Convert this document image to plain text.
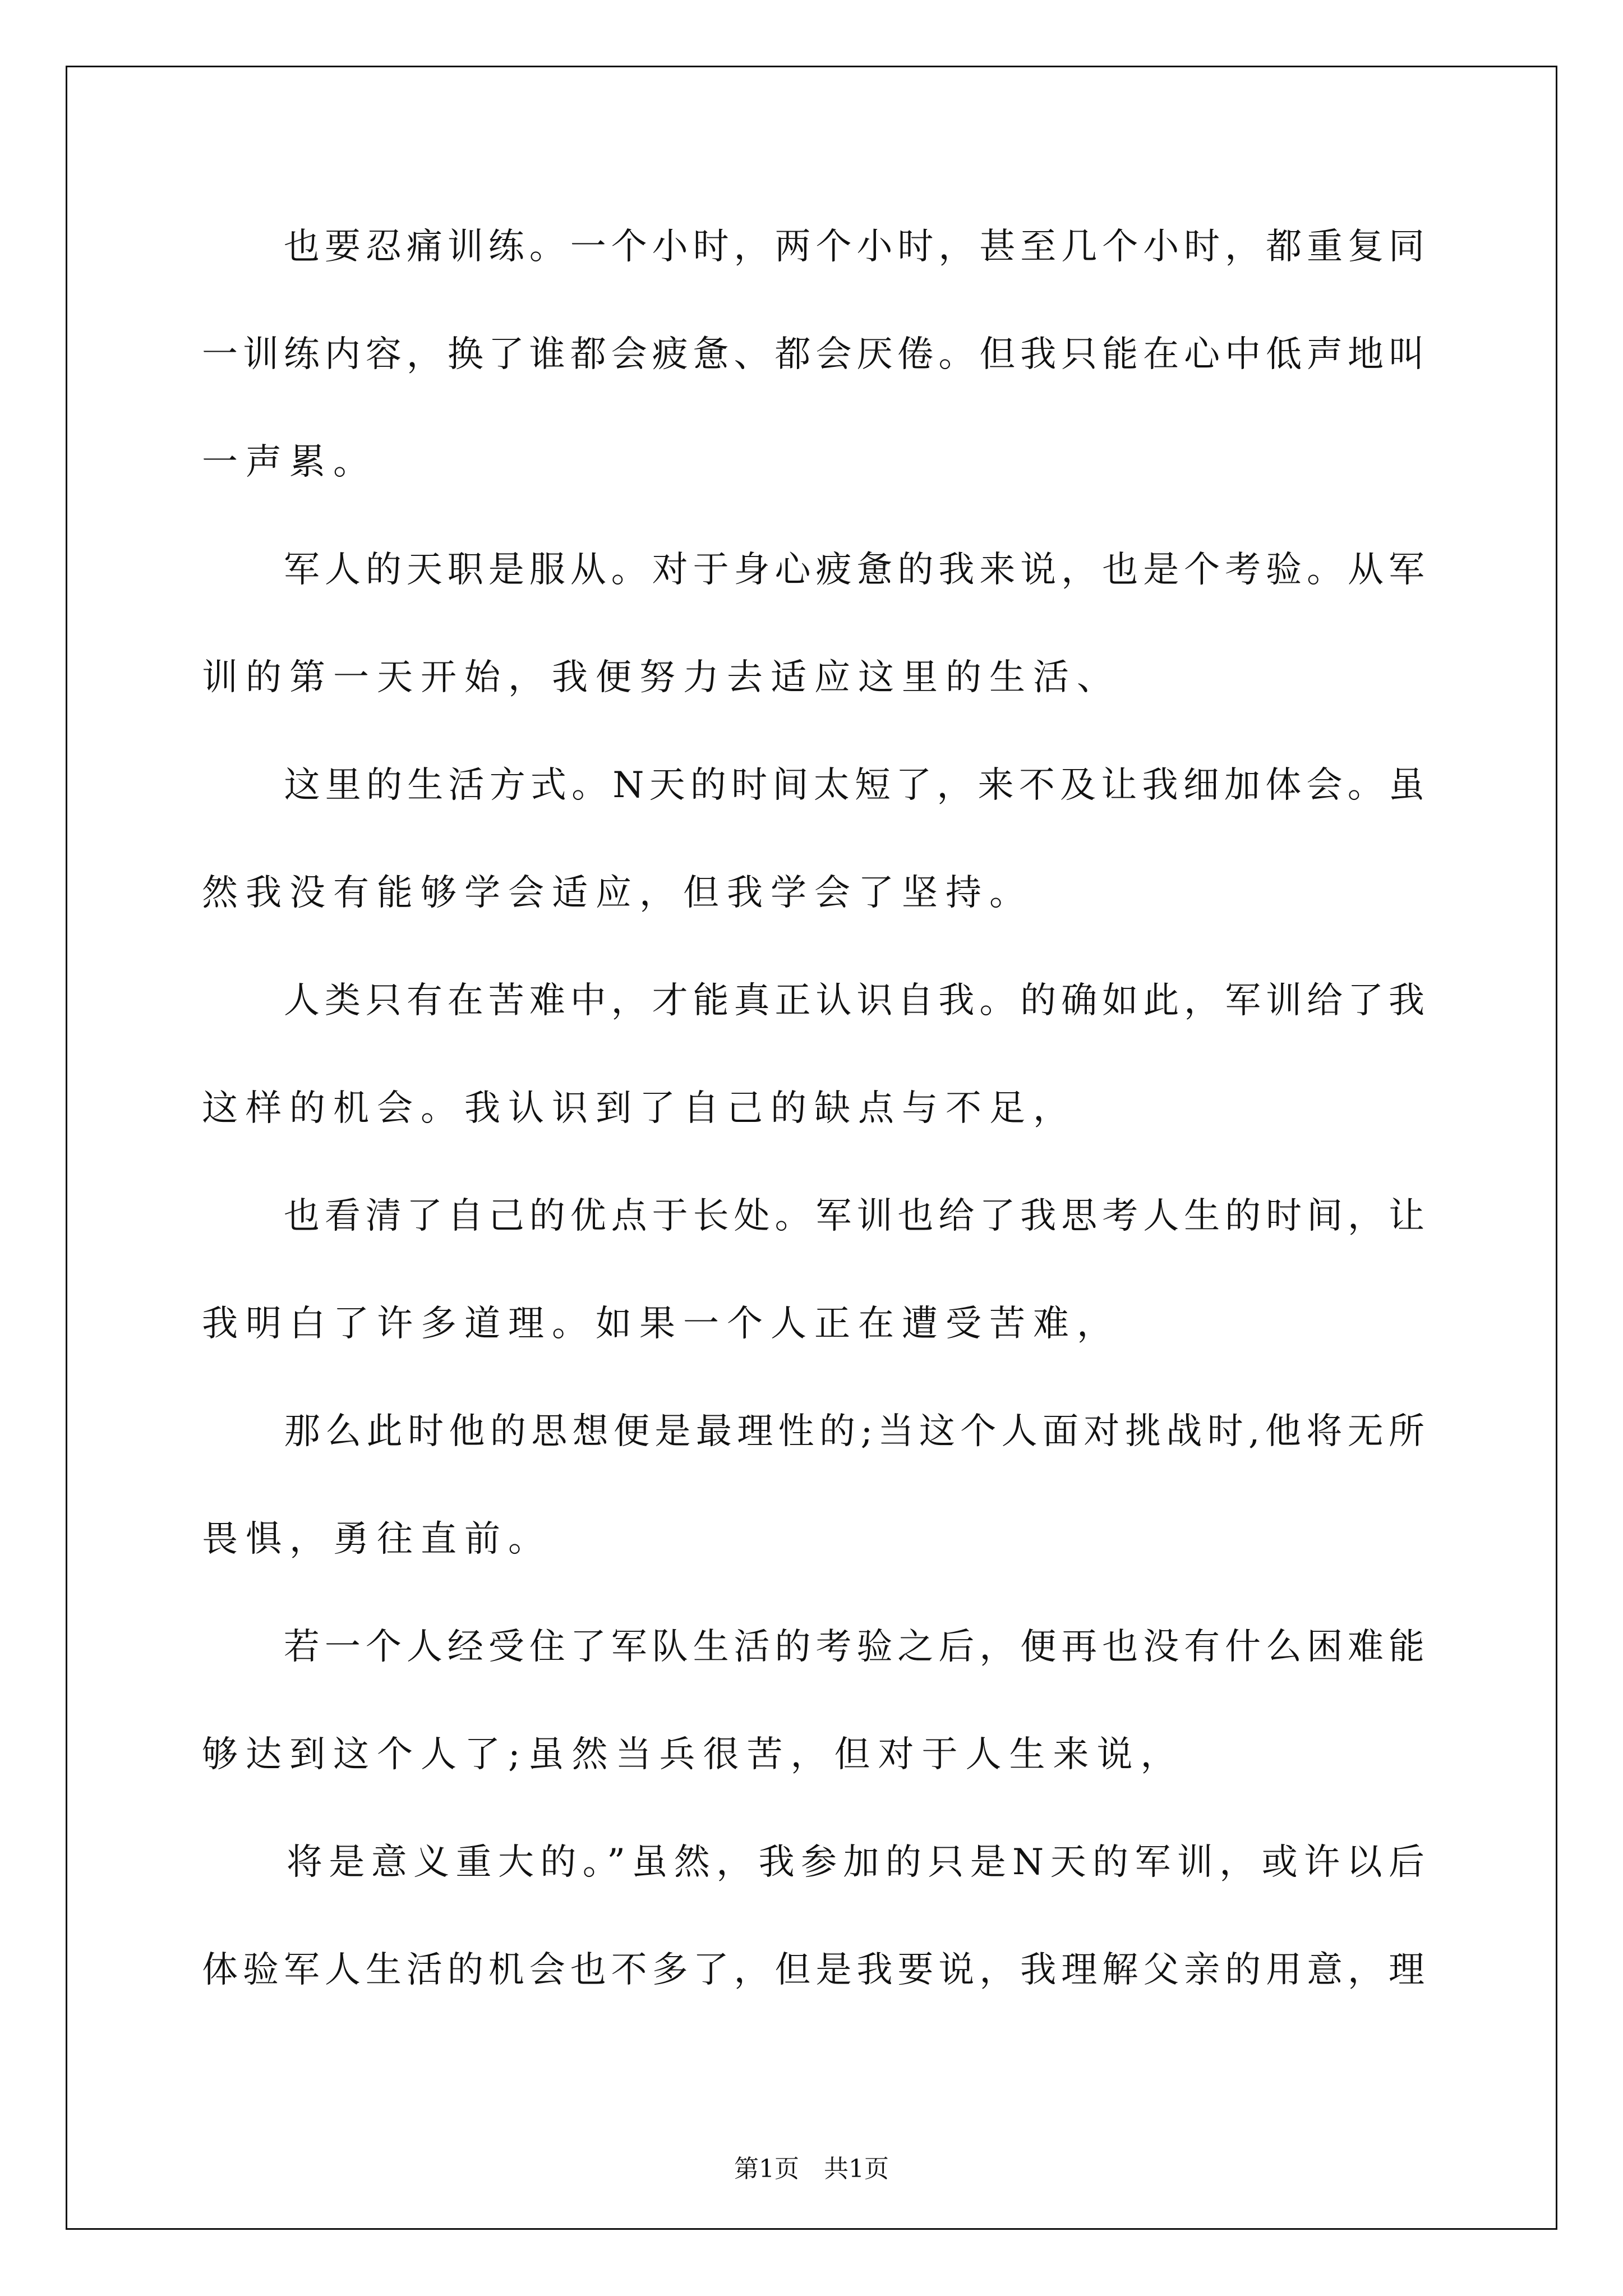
　　也要忍痛训练。一个小时，两个小时，甚至几个小时，都重复同
一训练内容，换了谁都会疲惫、都会厌倦。但我只能在心中低声地叫
一声累。
　　军人的天职是服从。对于身心疲惫的我来说，也是个考验。从军
训的第一天开始，我便努力去适应这里的生活、
　　这里的生活方式。N天的时间太短了，来不及让我细加体会。虽
然我没有能够学会适应，但我学会了坚持。
　　人类只有在苦难中，才能真正认识自我。的确如此，军训给了我
这样的机会。我认识到了自己的缺点与不足，
　　也看清了自己的优点于长处。军训也给了我思考人生的时间，让
我明白了许多道理。如果一个人正在遭受苦难，
　　那么此时他的思想便是最理性的;当这个人面对挑战时,他将无所
畏惧，勇往直前。
　　若一个人经受住了军队生活的考验之后，便再也没有什么困难能
够达到这个人了;虽然当兵很苦，但对于人生来说，
　　将是意义重大的。”虽然，我参加的只是N天的军训，或许以后
体验军人生活的机会也不多了，但是我要说，我理解父亲的用意，理
第1页　共1页
